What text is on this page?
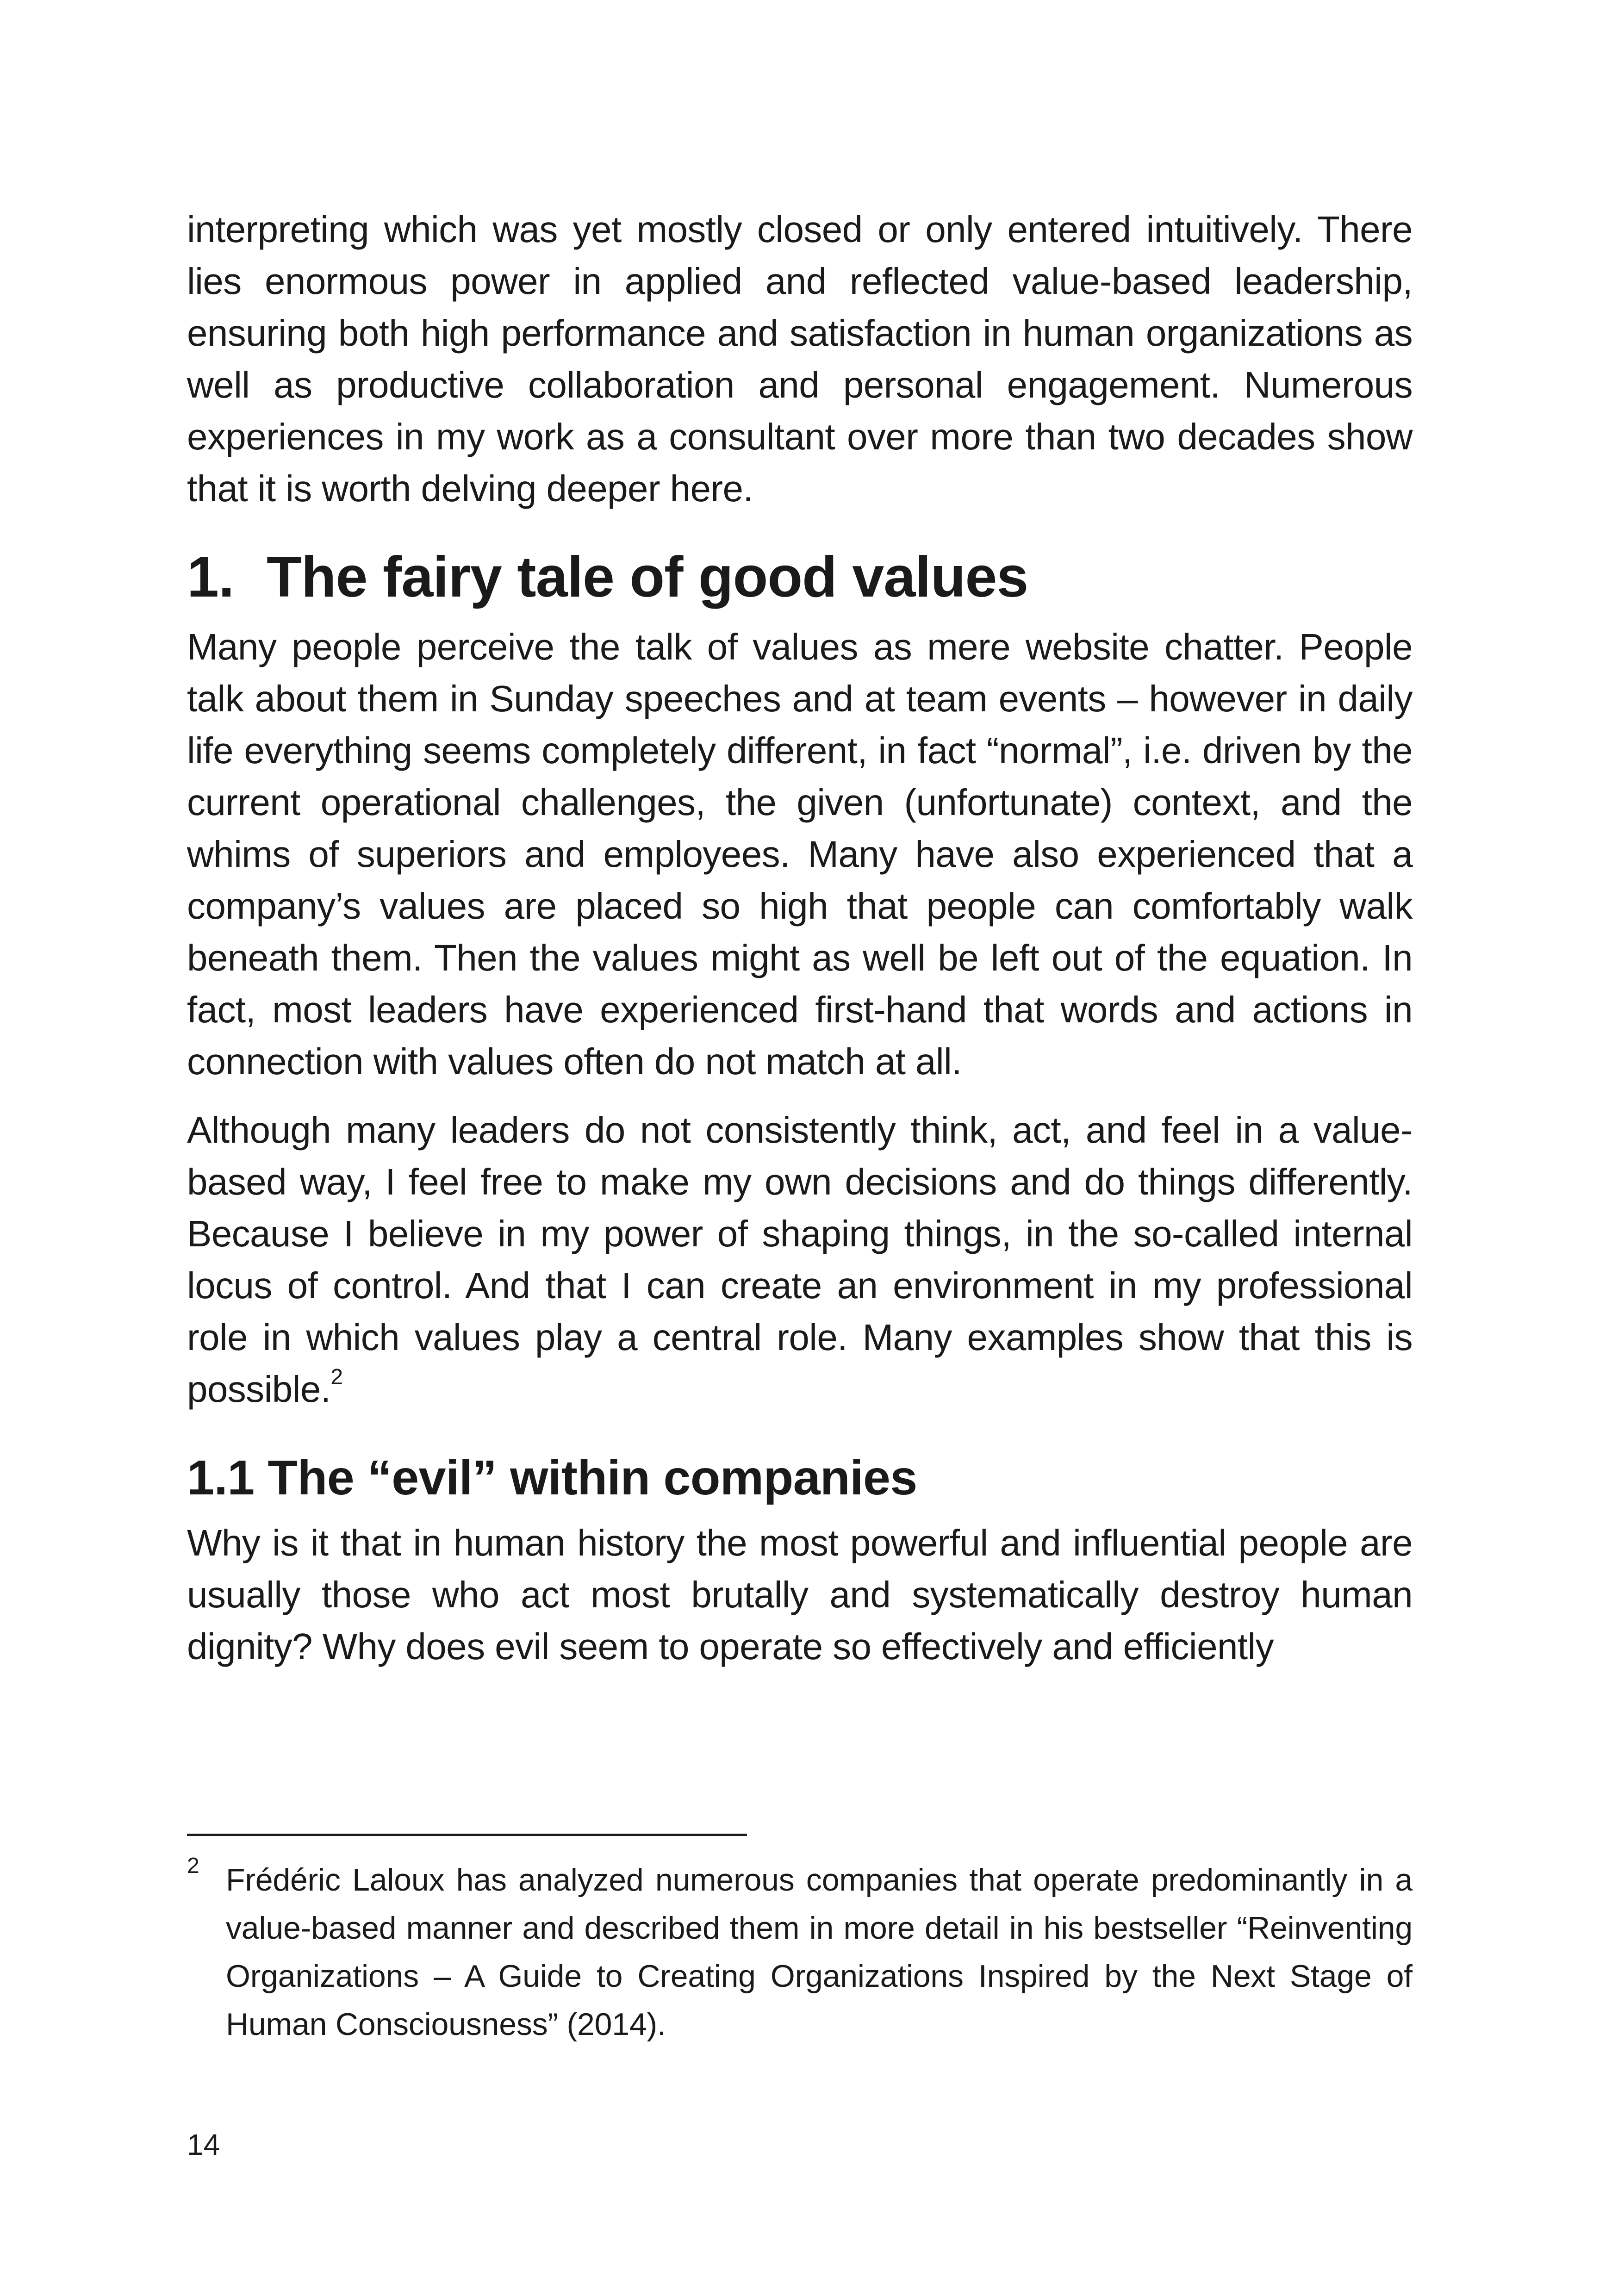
interpreting which was yet mostly closed or only entered intuitively. There lies enormous power in applied and reflected value-based leadership, ensuring both high performance and satisfaction in human organizations as well as productive collaboration and personal engagement. Numerous experiences in my work as a consultant over more than two decades show that it is worth delving deeper here.

1. The fairy tale of good values

Many people perceive the talk of values as mere website chatter. People talk about them in Sunday speeches and at team events – however in daily life everything seems completely different, in fact “normal”, i.e. driven by the current operational challenges, the given (unfortunate) context, and the whims of superiors and employees. Many have also experienced that a company’s values are placed so high that people can comfortably walk beneath them. Then the values might as well be left out of the equation. In fact, most leaders have experienced first-hand that words and actions in connection with values often do not match at all.

Although many leaders do not consistently think, act, and feel in a value-based way, I feel free to make my own decisions and do things differently. Because I believe in my power of shaping things, in the so-called internal locus of control. And that I can create an environment in my professional role in which values play a central role. Many examples show that this is possible.$^2$

1.1 The “evil” within companies

Why is it that in human history the most powerful and influential people are usually those who act most brutally and systematically destroy human dignity? Why does evil seem to operate so effectively and efficiently

2 Frédéric Laloux has analyzed numerous companies that operate predominantly in a value-based manner and described them in more detail in his bestseller “Reinventing Organizations – A Guide to Creating Organizations Inspired by the Next Stage of Human Consciousness” (2014).

14
